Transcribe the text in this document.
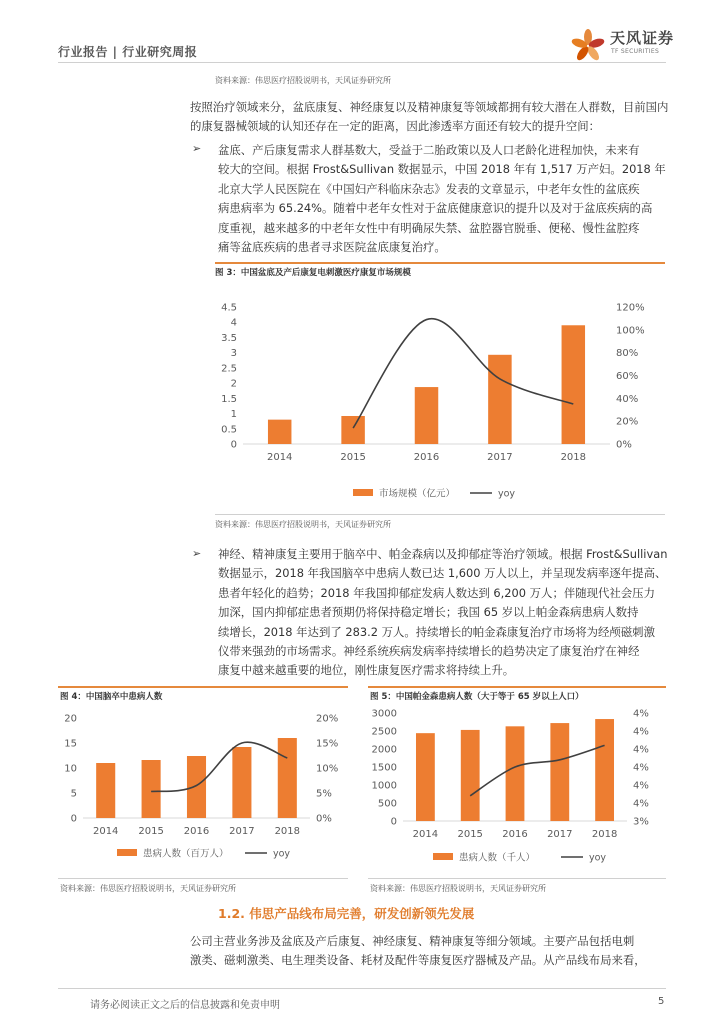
行业报告 | 行业研究周报
天风证券
TF SECURITIES
资料来源：伟思医疗招股说明书，天风证券研究所
按照治疗领域来分，盆底康复、神经康复以及精神康复等领域都拥有较大潜在人群数，目前国内的康复器械领域的认知还存在一定的距离，因此渗透率方面还有较大的提升空间：
➢ 盆底、产后康复需求人群基数大，受益于二胎政策以及人口老龄化进程加快，未来有
较大的空间。根据 Frost&Sullivan 数据显示，中国 2018 年有 1,517 万产妇。2018 年
北京大学人民医院在《中国妇产科临床杂志》发表的文章显示，中老年女性的盆底疾
病患病率为 65.24%。随着中老年女性对于盆底健康意识的提升以及对于盆底疾病的高
度重视，越来越多的中老年女性中有明确尿失禁、盆腔器官脱垂、便秘、慢性盆腔疼
痛等盆底疾病的患者寻求医院盆底康复治疗。
图 3：中国盆底及产后康复电刺激医疗康复市场规模
资料来源：伟思医疗招股说明书，天风证券研究所
0
0.5
1
1.5
2
2.5
3
3.5
4
4.5
0%
20%
40%
60%
80%
100%
120%
2014	2015	2016	2017	2018
市场规模（亿元）	yoy
➢ 神经、精神康复主要用于脑卒中、帕金森病以及抑郁症等治疗领域。根据 Frost&Sullivan
数据显示，2018 年我国脑卒中患病人数已达 1,600 万人以上，并呈现发病率逐年提高、
患者年轻化的趋势；2018 年我国抑郁症发病人数达到 6,200 万人；伴随现代社会压力
加深，国内抑郁症患者预期仍将保持稳定增长；我国 65 岁以上帕金森病患病人数持
续增长，2018 年达到了 283.2 万人。持续增长的帕金森康复治疗市场将为经颅磁刺激
仪带来强劲的市场需求。神经系统疾病发病率持续增长的趋势决定了康复治疗在神经
康复中越来越重要的地位，刚性康复医疗需求将持续上升。
图 4：中国脑卒中患病人数
资料来源：伟思医疗招股说明书，天风证券研究所
0
5
10
15
20
0%
5%
10%
15%
20%
2014 2015 2016 2017 2018
患病人数（百万人）	yoy
图 5：中国帕金森患病人数（大于等于 65 岁以上人口）
资料来源：伟思医疗招股说明书，天风证券研究所
0
500
1000
1500
2000
2500
3000
3%
4%
4%
4%
4%
4%
4%
2014 2015 2016 2017 2018
患病人数（千人）	yoy
1.2. 伟思产品线布局完善，研发创新领先发展
公司主营业务涉及盆底及产后康复、神经康复、精神康复等细分领域。主要产品包括电刺
激类、磁刺激类、电生理类设备、耗材及配件等康复医疗器械及产品。从产品线布局来看，
请务必阅读正文之后的信息披露和免责申明	5
